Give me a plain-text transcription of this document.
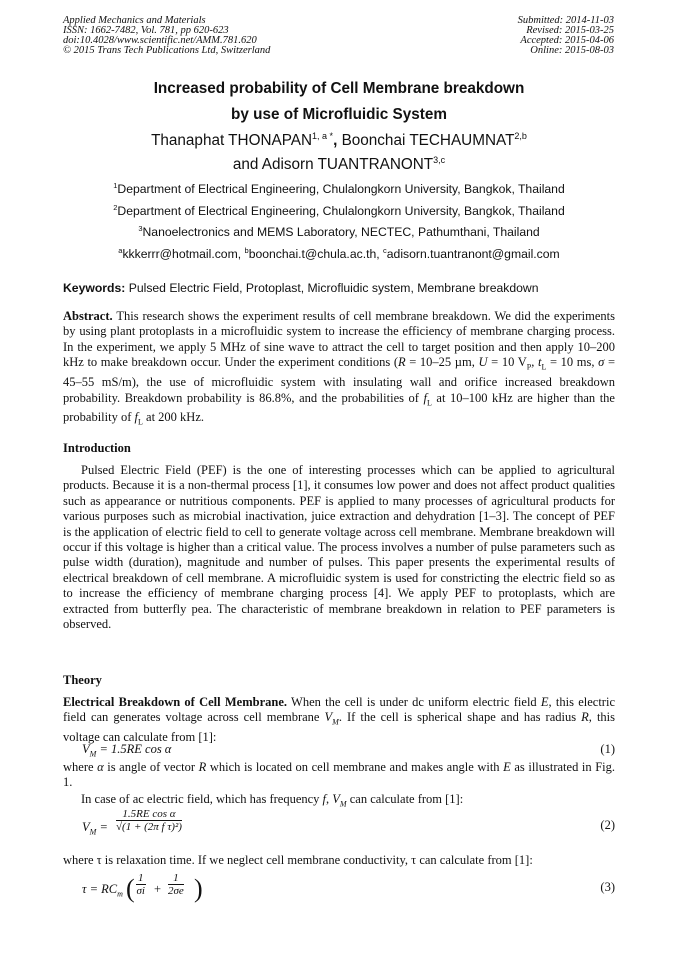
Applied Mechanics and Materials
ISSN: 1662-7482, Vol. 781, pp 620-623
doi:10.4028/www.scientific.net/AMM.781.620
© 2015 Trans Tech Publications Ltd, Switzerland
Submitted: 2014-11-03
Revised: 2015-03-25
Accepted: 2015-04-06
Online: 2015-08-03
Increased probability of Cell Membrane breakdown
by use of Microfluidic System
Thanaphat $THONAPAN^{1, a *}$, Boonchai TECHAUMNAT$^{2,b}$
and Adisorn TUANTRANONT$^{3,c}$
$^1$Department of Electrical Engineering, Chulalongkorn University, Bangkok, Thailand
$^2$Department of Electrical Engineering, Chulalongkorn University, Bangkok, Thailand
$^3$Nanoelectronics and MEMS Laboratory, NECTEC, Pathumthani, Thailand
$^a$kkkerrr@hotmail.com, $^b$boonchai.t@chula.ac.th, $^c$adisorn.tuantranont@gmail.com
Keywords: Pulsed Electric Field, Protoplast, Microfluidic system, Membrane breakdown
Abstract. This research shows the experiment results of cell membrane breakdown. We did the experiments by using plant protoplasts in a microfluidic system to increase the efficiency of membrane charging process. In the experiment, we apply 5 MHz of sine wave to attract the cell to target position and then apply 10–200 kHz to make breakdown occur. Under the experiment conditions (R = 10–25 µm, U = 10 $V_P$, $t_L = 10$ ms, σ = 45–55 mS/m), the use of microfluidic system with insulating wall and orifice increased breakdown probability. Breakdown probability is 86.8%, and the probabilities of $f_L$ at 10–100 kHz are higher than the probability of $f_L$ at 200 kHz.
Introduction
Pulsed Electric Field (PEF) is the one of interesting processes which can be applied to agricultural products. Because it is a non-thermal process [1], it consumes low power and does not affect product qualities such as appearance or nutritious components. PEF is applied to many processes of agricultural products for various purposes such as microbial inactivation, juice extraction and dehydration [1–3]. The concept of PEF is the application of electric field to cell to generate voltage across cell membrane. Membrane breakdown will occur if this voltage is higher than a critical value. The process involves a number of pulse parameters such as pulse width (duration), magnitude and number of pulses. This paper presents the experimental results of electrical breakdown of cell membrane. A microfluidic system is used for constricting the electric field so as to increase the efficiency of membrane charging process [4]. We apply PEF to protoplasts, which are extracted from butterfly pea. The characteristic of membrane breakdown in relation to PEF parameters is observed.
Theory
Electrical Breakdown of Cell Membrane. When the cell is under dc uniform electric field E, this electric field can generates voltage across cell membrane $V_M$. If the cell is spherical shape and has radius R, this voltage can calculate from [1]:
$V_M = 1.5RE$ cos α	(1)
where α is angle of vector R which is located on cell membrane and makes angle with E as illustrated in Fig. 1.
In case of ac electric field, which has frequency f, $V_M$ can calculate from [1]:
$V_M = \frac{\text{1.5RE cos α}}{\text{√(1 + (2π f τ)²)}}$	(2)
where τ is relaxation time. If we neglect cell membrane conductivity, τ can calculate from [1]:
$\tau = RC_m$ ( $\frac{1}{\sigma i} + \frac{1}{2\sigma e}$ )	(3)
